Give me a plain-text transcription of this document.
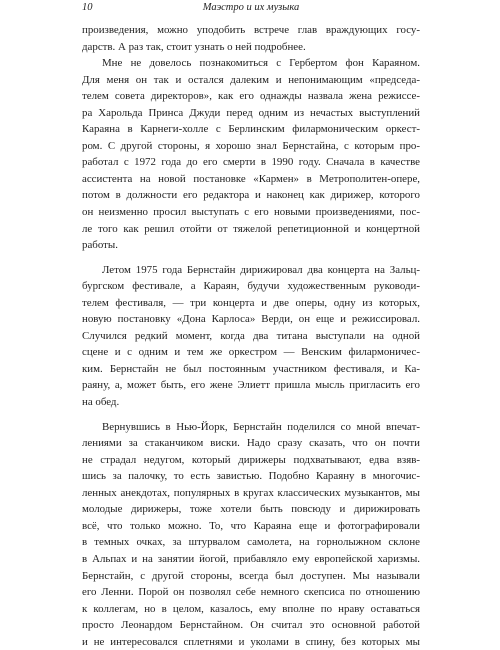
10	Маэстро и их музыка
произведения, можно уподобить встрече глав враждующих госу-
дарств. А раз так, стоит узнать о ней подробнее.
Мне не довелось познакомиться с Гербертом фон Караяном.
Для меня он так и остался далеким и непонимающим «председа-
телем совета директоров», как его однажды назвала жена режиссе-
ра Харольда Принса Джуди перед одним из нечастых выступлений
Караяна в Карнеги-холле с Берлинским филармоническим оркест-
ром. С другой стороны, я хорошо знал Бернстайна, с которым про-
работал с 1972 года до его смерти в 1990 году. Сначала в качестве
ассистента на новой постановке «Кармен» в Метрополитен-опере,
потом в должности его редактора и наконец как дирижер, которого
он неизменно просил выступать с его новыми произведениями, пос-
ле того как решил отойти от тяжелой репетиционной и концертной
работы.
Летом 1975 года Бернстайн дирижировал два концерта на Зальц-
бургском фестивале, а Караян, будучи художественным руководи-
телем фестиваля, — три концерта и две оперы, одну из которых,
новую постановку «Дона Карлоса» Верди, он еще и режиссировал.
Случился редкий момент, когда два титана выступали на одной
сцене и с одним и тем же оркестром — Венским филармоничес-
ким. Бернстайн не был постоянным участником фестиваля, и Ка-
раяну, а, может быть, его жене Элиетт пришла мысль пригласить его
на обед.
Вернувшись в Нью-Йорк, Бернстайн поделился со мной впечат-
лениями за стаканчиком виски. Надо сразу сказать, что он почти
не страдал недугом, который дирижеры подхватывают, едва взяв-
шись за палочку, то есть завистью. Подобно Караяну в многочис-
ленных анекдотах, популярных в кругах классических музыкантов, мы
молодые дирижеры, тоже хотели быть повсюду и дирижировать
всё, что только можно. То, что Караяна еще и фотографировали
в темных очках, за штурвалом самолета, на горнолыжном склоне
в Альпах и на занятии йогой, прибавляло ему европейской харизмы.
Бернстайн, с другой стороны, всегда был доступен. Мы называли
его Ленни. Порой он позволял себе немного скепсиса по отношению
к коллегам, но в целом, казалось, ему вполне по нраву оставаться
просто Леонардом Бернстайном. Он считал это основной работой
и не интересовался сплетнями и уколами в спину, без которых мы
